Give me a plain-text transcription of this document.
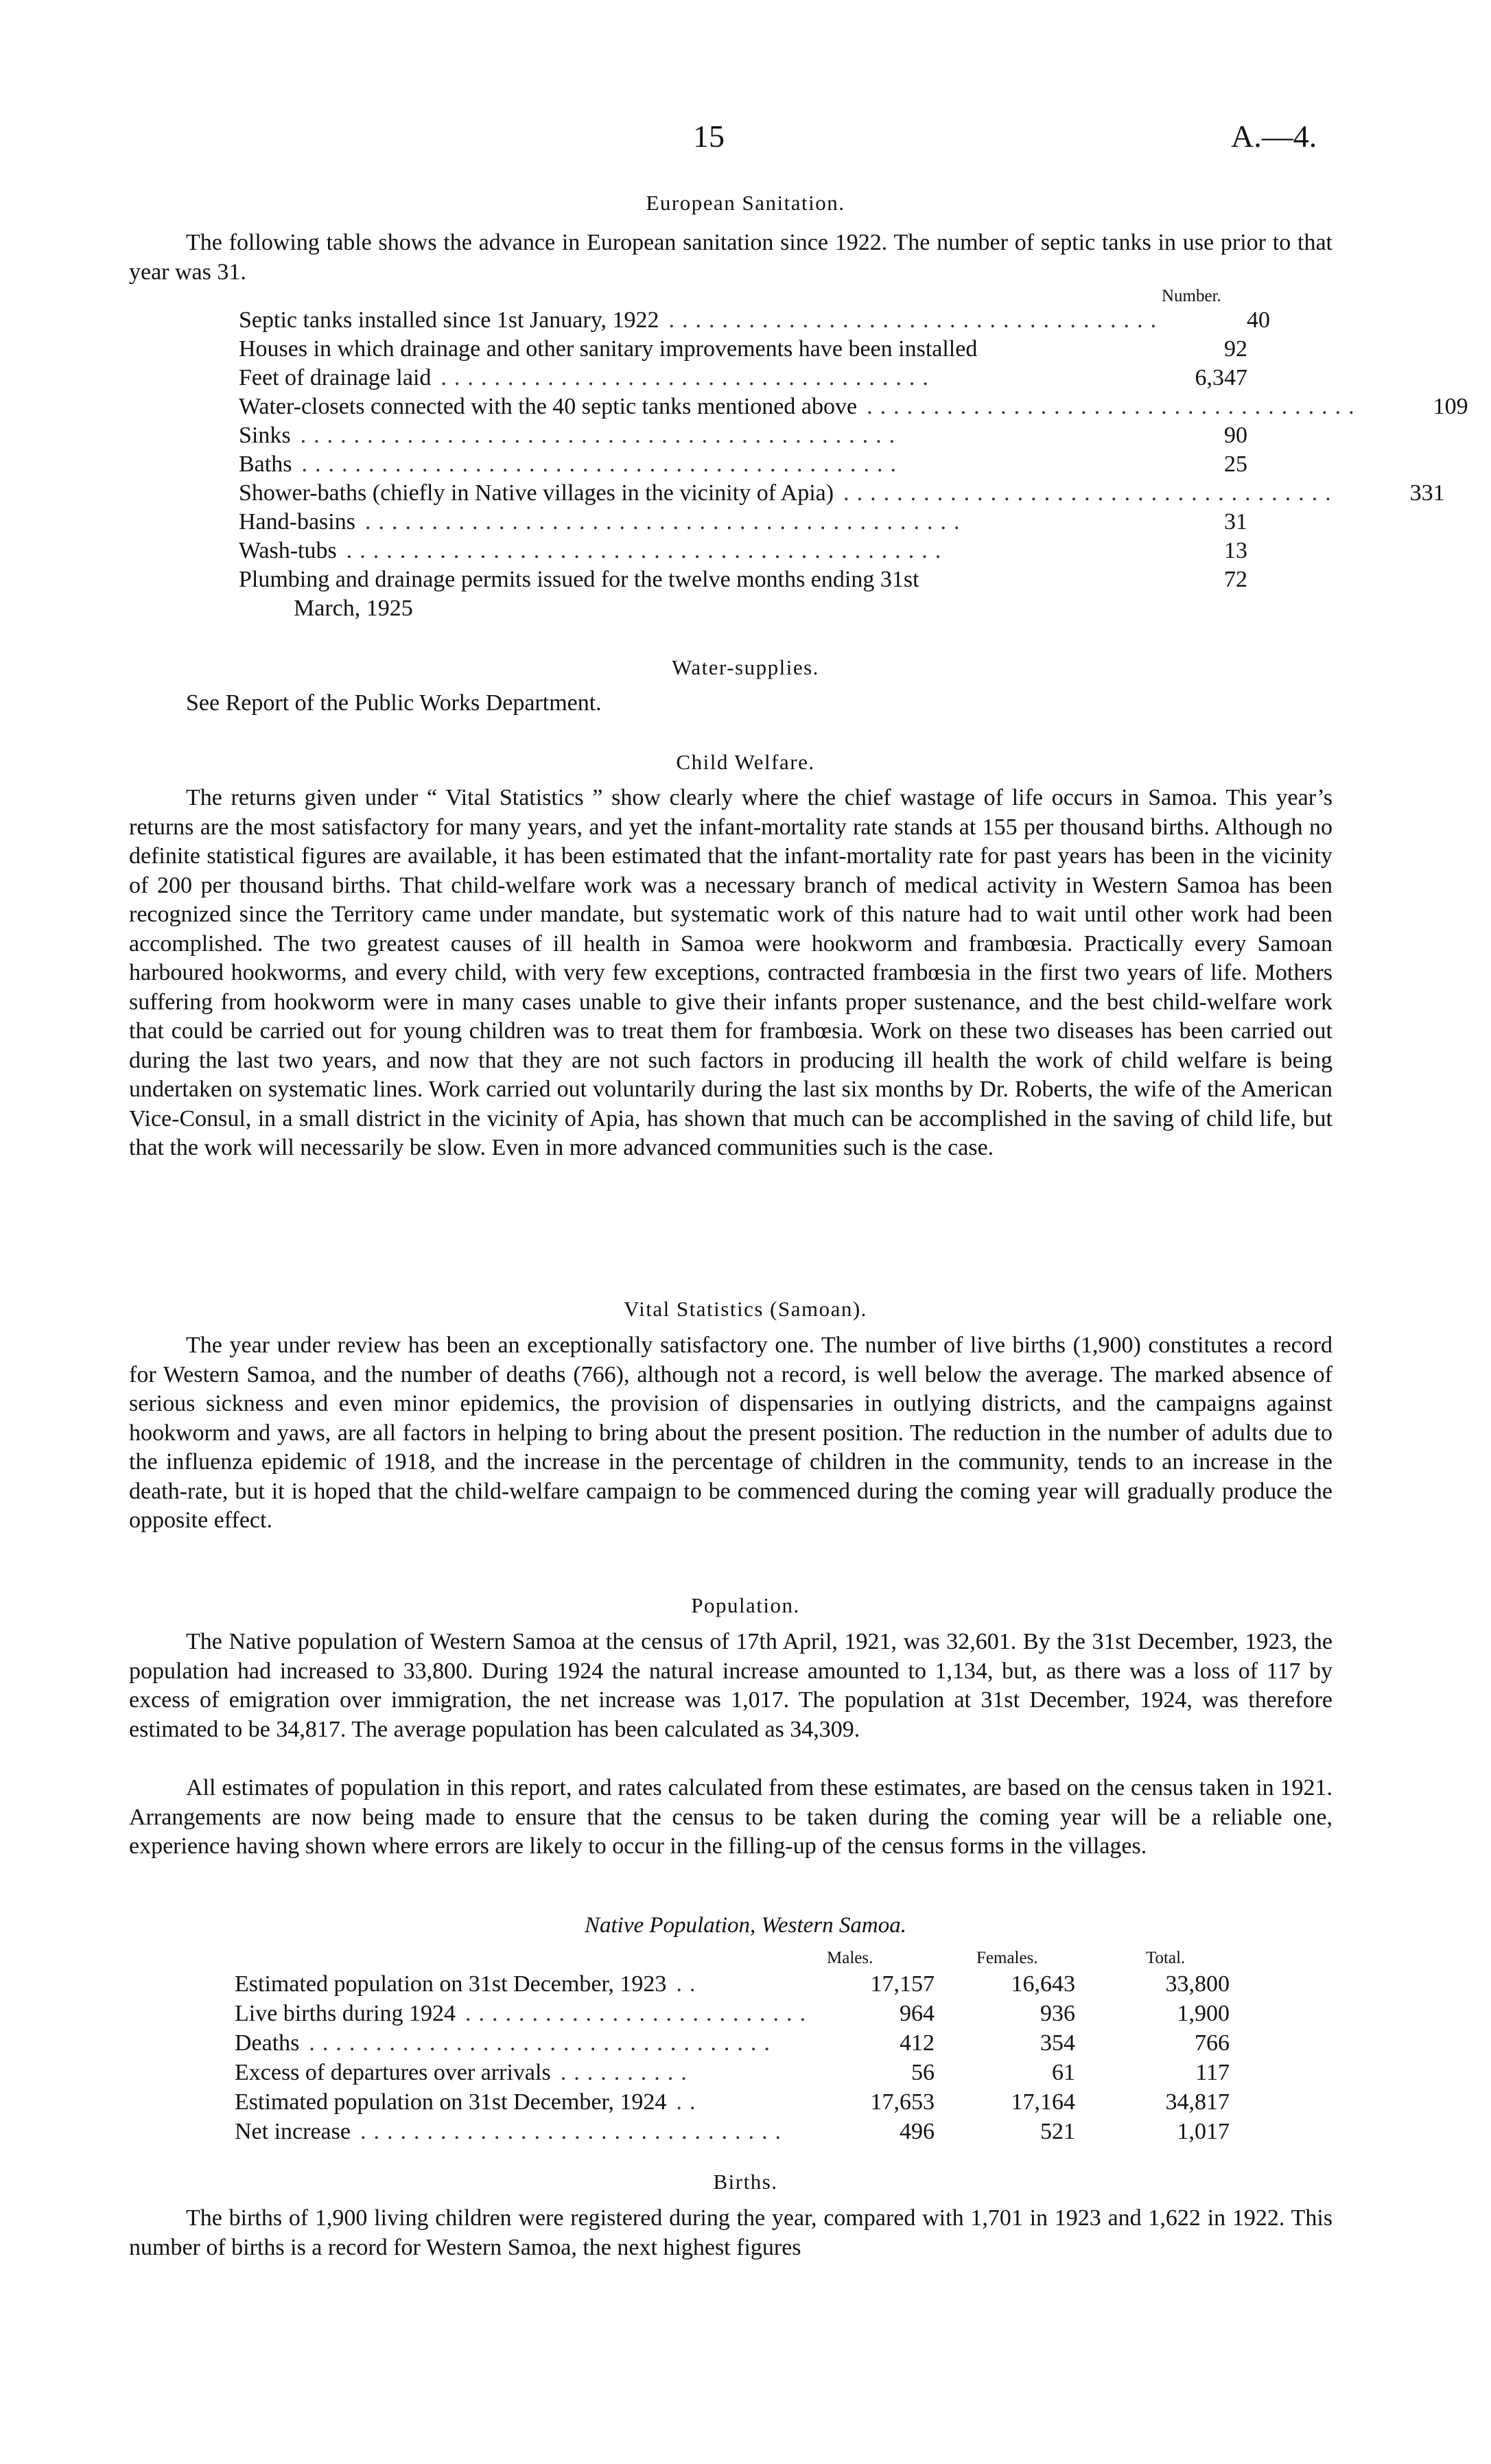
15	A.—4.
European Sanitation.
The following table shows the advance in European sanitation since 1922. The number of septic tanks in use prior to that year was 31.
Number.
Septic tanks installed since 1st January, 1922 .....................................	40
Houses in which drainage and other sanitary improvements have been installed	92
Feet of drainage laid .....................................	6,347
Water-closets connected with the 40 septic tanks mentioned above .....................................	109
Sinks .............................................	90
Baths .............................................	25
Shower-baths (chiefly in Native villages in the vicinity of Apia) .....................................	331
Hand-basins .............................................	31
Wash-tubs .............................................	13
Plumbing and drainage permits issued for the twelve months ending 31st	72
March, 1925
Water-supplies.
See Report of the Public Works Department.
Child Welfare.
The returns given under “ Vital Statistics ” show clearly where the chief wastage of life occurs in Samoa. This year’s returns are the most satisfactory for many years, and yet the infant-mortality rate stands at 155 per thousand births. Although no definite statistical figures are available, it has been estimated that the infant-mortality rate for past years has been in the vicinity of 200 per thousand births. That child-welfare work was a necessary branch of medical activity in Western Samoa has been recognized since the Territory came under mandate, but systematic work of this nature had to wait until other work had been accomplished. The two greatest causes of ill health in Samoa were hookworm and frambœsia. Practically every Samoan harboured hookworms, and every child, with very few exceptions, contracted frambœsia in the first two years of life. Mothers suffering from hookworm were in many cases unable to give their infants proper sustenance, and the best child-welfare work that could be carried out for young children was to treat them for frambœsia. Work on these two diseases has been carried out during the last two years, and now that they are not such factors in producing ill health the work of child welfare is being undertaken on systematic lines. Work carried out voluntarily during the last six months by Dr. Roberts, the wife of the American Vice-Consul, in a small district in the vicinity of Apia, has shown that much can be accomplished in the saving of child life, but that the work will necessarily be slow. Even in more advanced communities such is the case.
Vital Statistics (Samoan).
The year under review has been an exceptionally satisfactory one. The number of live births (1,900) constitutes a record for Western Samoa, and the number of deaths (766), although not a record, is well below the average. The marked absence of serious sickness and even minor epidemics, the provision of dispensaries in outlying districts, and the campaigns against hookworm and yaws, are all factors in helping to bring about the present position. The reduction in the number of adults due to the influenza epidemic of 1918, and the increase in the percentage of children in the community, tends to an increase in the death-rate, but it is hoped that the child-welfare campaign to be commenced during the coming year will gradually produce the opposite effect.
Population.
The Native population of Western Samoa at the census of 17th April, 1921, was 32,601. By the 31st December, 1923, the population had increased to 33,800. During 1924 the natural increase amounted to 1,134, but, as there was a loss of 117 by excess of emigration over immigration, the net increase was 1,017. The population at 31st December, 1924, was therefore estimated to be 34,817. The average population has been calculated as 34,309.
All estimates of population in this report, and rates calculated from these estimates, are based on the census taken in 1921. Arrangements are now being made to ensure that the census to be taken during the coming year will be a reliable one, experience having shown where errors are likely to occur in the filling-up of the census forms in the villages.
Native Population, Western Samoa.
Males.	Females.	Total.
Estimated population on 31st December, 1923 ..	17,157	16,643	33,800
Live births during 1924 ..........................	964	936	1,900
Deaths ...................................	412	354	766
Excess of departures over arrivals ..........	56	61	117
Estimated population on 31st December, 1924 ..	17,653	17,164	34,817
Net increase ................................	496	521	1,017
Births.
The births of 1,900 living children were registered during the year, compared with 1,701 in 1923 and 1,622 in 1922. This number of births is a record for Western Samoa, the next highest figures
